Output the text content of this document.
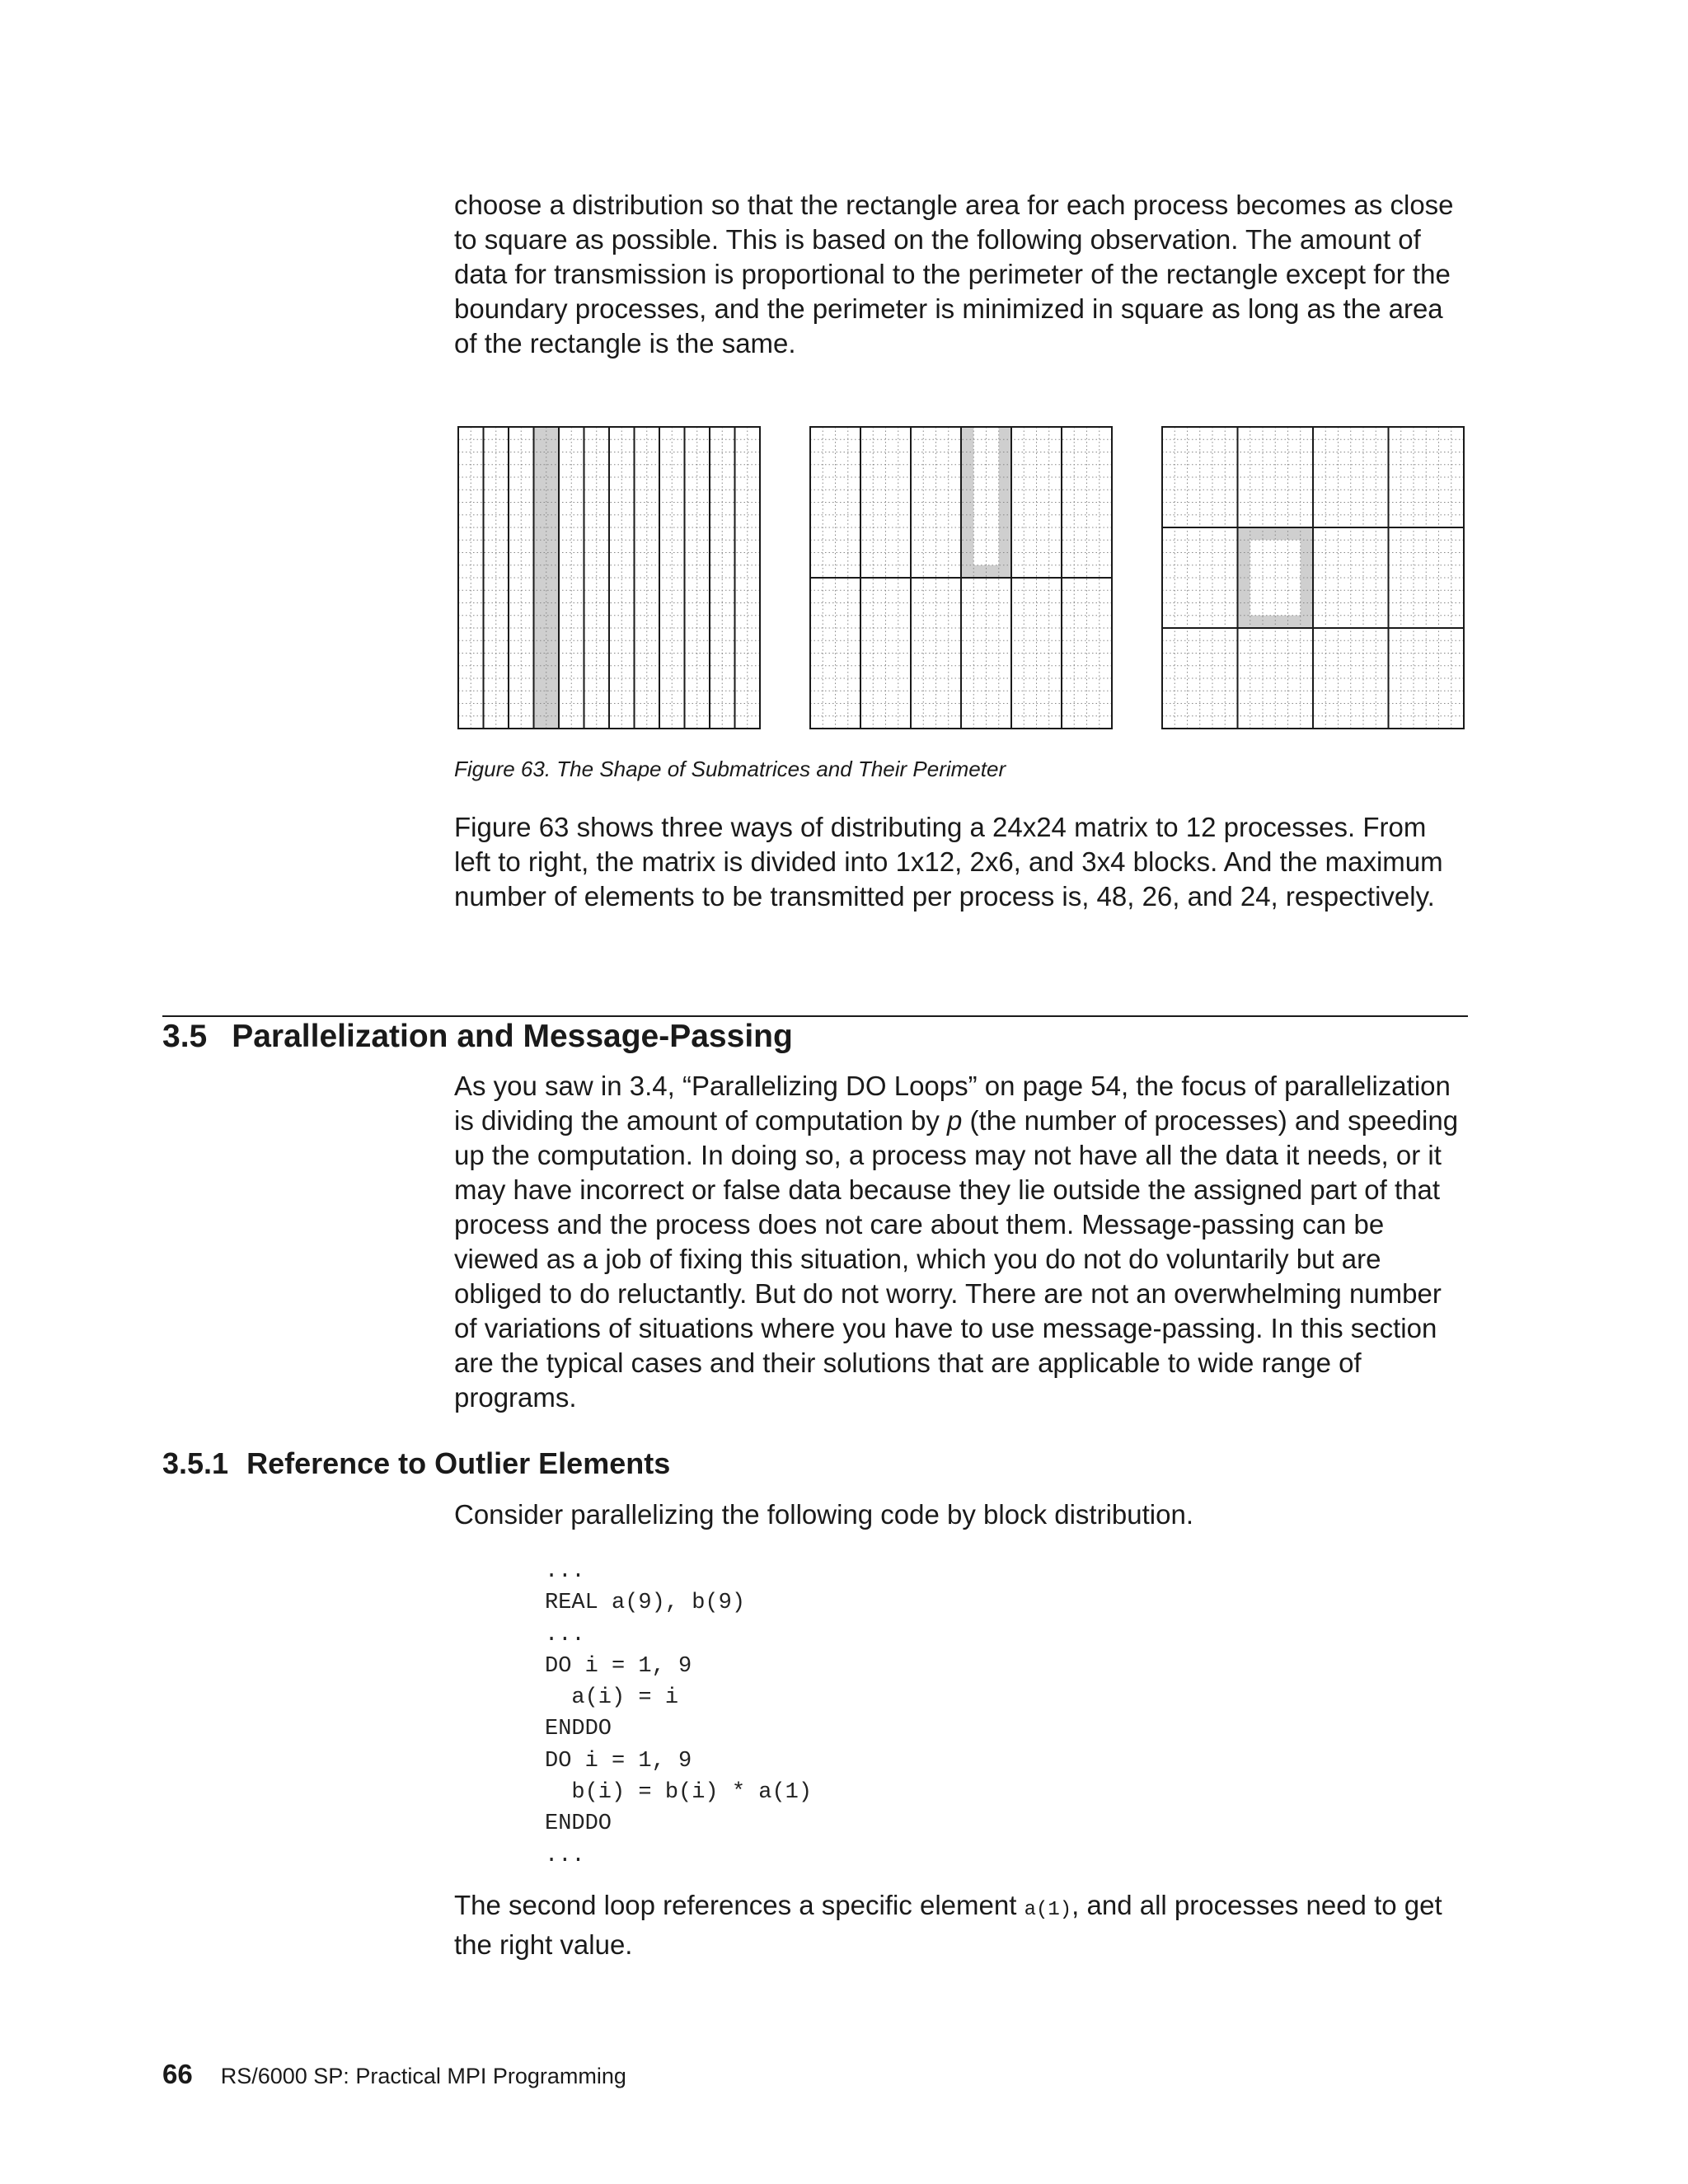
choose a distribution so that the rectangle area for each process becomes as close to square as possible. This is based on the following observation. The amount of data for transmission is proportional to the perimeter of the rectangle except for the boundary processes, and the perimeter is minimized in square as long as the area of the rectangle is the same.

Figure 63. The Shape of Submatrices and Their Perimeter

Figure 63 shows three ways of distributing a 24x24 matrix to 12 processes. From left to right, the matrix is divided into 1x12, 2x6, and 3x4 blocks. And the maximum number of elements to be transmitted per process is, 48, 26, and 24, respectively.

3.5 Parallelization and Message-Passing

As you saw in 3.4, “Parallelizing DO Loops” on page 54, the focus of parallelization is dividing the amount of computation by p (the number of processes) and speeding up the computation. In doing so, a process may not have all the data it needs, or it may have incorrect or false data because they lie outside the assigned part of that process and the process does not care about them. Message-passing can be viewed as a job of fixing this situation, which you do not do voluntarily but are obliged to do reluctantly. But do not worry. There are not an overwhelming number of variations of situations where you have to use message-passing. In this section are the typical cases and their solutions that are applicable to wide range of programs.

3.5.1 Reference to Outlier Elements

Consider parallelizing the following code by block distribution.

...
REAL a(9), b(9)
...
DO i = 1, 9
a(i) = i
ENDDO
DO i = 1, 9
b(i) = b(i) * a(1)
ENDDO
...

The second loop references a specific element a(1), and all processes need to get the right value.

66 RS/6000 SP: Practical MPI Programming
